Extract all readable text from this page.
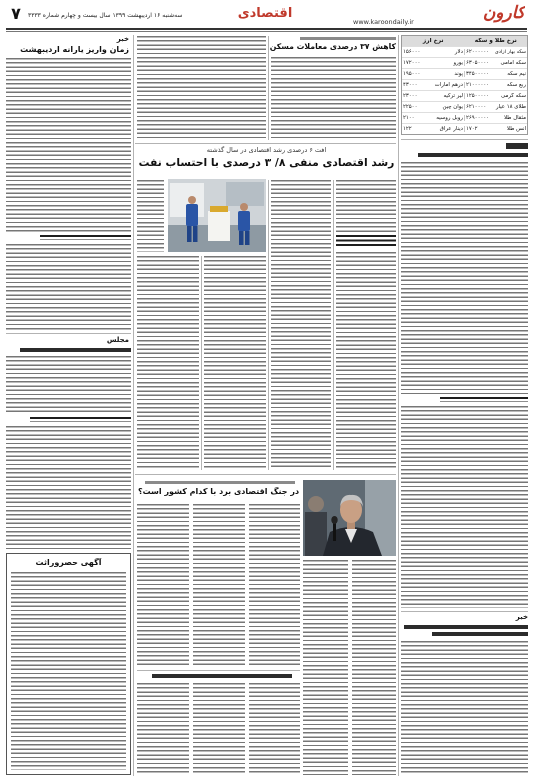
کارون
www.karoondaily.ir
اقتصادی
۷	سه‌شنبه ۱۶ اردیبهشت ۱۳۹۹ سال بیست و چهارم شماره ۳۳۳۳
نرخ طلا و سکه
نرخ ارز
سکه بهار آزادی
۶۲۰۰۰۰۰۰
دلار
۱۵۶۰۰۰
سکه امامی
۶۳۰۵۰۰۰۰
یورو
۱۷۲۰۰۰
نیم سکه
۳۴۵۰۰۰۰۰
پوند
۱۹۵۰۰۰
ربع سکه
۲۱۰۰۰۰۰۰
درهم امارات
۴۳۰۰۰
سکه گرمی
۱۲۵۰۰۰۰۰
لیر ترکیه
۲۳۰۰۰
طلای ۱۸ عیار
۶۲۱۰۰۰۰
یوان چین
۲۲۵۰۰
مثقال طلا
۲۶۹۰۰۰۰۰
روبل روسیه
۲۱۰۰
انس طلا
۱۷۰۲
دینار عراق
۱۲۲
خبر
کاهش ۳۷ درصدی معاملات مسکن
افت ۶ درصدی رشد اقتصادی در سال گذشته
رشد اقتصادی منفی ۸/ ۳ درصدی با احتساب نفت
در جنگ اقتصادی برد با کدام کشور است؟
خبر
زمان واریز یارانه اردیبهشت
مجلس
آگهی حصروراثت
